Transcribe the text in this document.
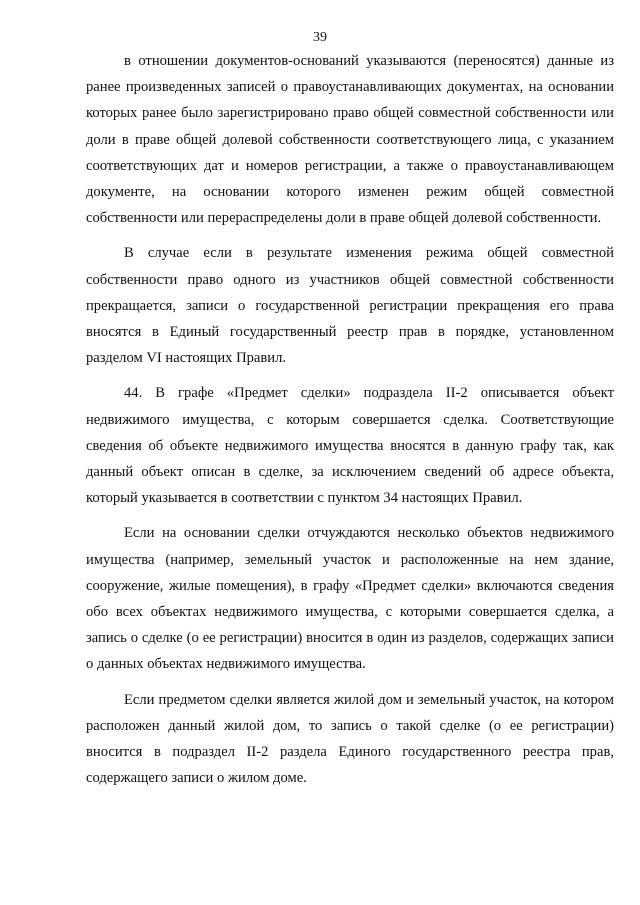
39

в отношении документов-оснований указываются (переносятся) данные из ранее произведенных записей о правоустанавливающих документах, на основании которых ранее было зарегистрировано право общей совместной собственности или доли в праве общей долевой собственности соответствующего лица, с указанием соответствующих дат и номеров регистрации, а также о правоустанавливающем документе, на основании которого изменен режим общей совместной собственности или перераспределены доли в праве общей долевой собственности.

В случае если в результате изменения режима общей совместной собственности право одного из участников общей совместной собственности прекращается, записи о государственной регистрации прекращения его права вносятся в Единый государственный реестр прав в порядке, установленном разделом VI настоящих Правил.

44. В графе «Предмет сделки» подраздела II-2 описывается объект недвижимого имущества, с которым совершается сделка. Соответствующие сведения об объекте недвижимого имущества вносятся в данную графу так, как данный объект описан в сделке, за исключением сведений об адресе объекта, который указывается в соответствии с пунктом 34 настоящих Правил.

Если на основании сделки отчуждаются несколько объектов недвижимого имущества (например, земельный участок и расположенные на нем здание, сооружение, жилые помещения), в графу «Предмет сделки» включаются сведения обо всех объектах недвижимого имущества, с которыми совершается сделка, а запись о сделке (о ее регистрации) вносится в один из разделов, содержащих записи о данных объектах недвижимого имущества.

Если предметом сделки является жилой дом и земельный участок, на котором расположен данный жилой дом, то запись о такой сделке (о ее регистрации) вносится в подраздел II-2 раздела Единого государственного реестра прав, содержащего записи о жилом доме.
